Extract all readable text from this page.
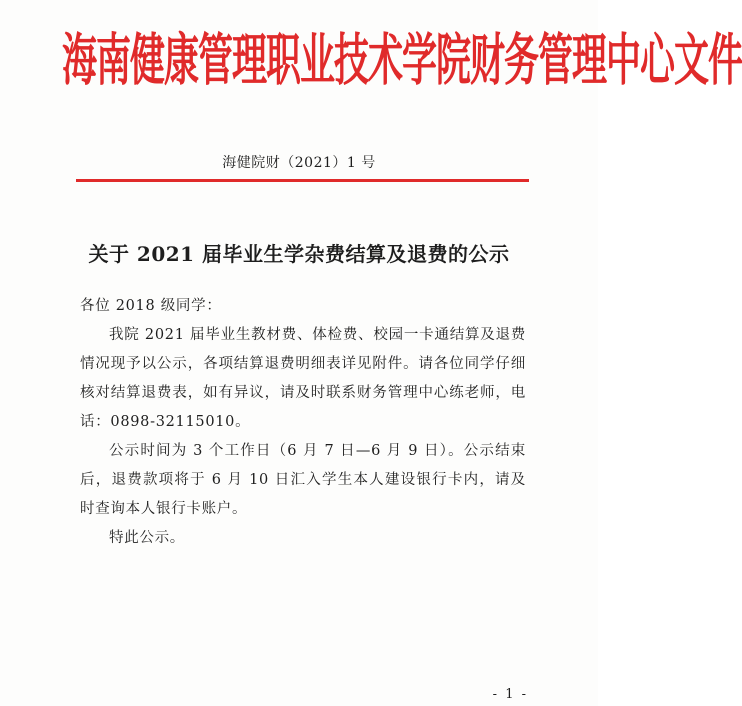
海南健康管理职业技术学院财务管理中心文件
海健院财（2021）1 号
关于 2021 届毕业生学杂费结算及退费的公示

各位 2018 级同学：

我院 2021 届毕业生教材费、体检费、校园一卡通结算及退费情况现予以公示，各项结算退费明细表详见附件。请各位同学仔细核对结算退费表，如有异议，请及时联系财务管理中心练老师，电话：0898-32115010。

公示时间为 3 个工作日（6 月 7 日—6 月 9 日）。公示结束后，退费款项将于 6 月 10 日汇入学生本人建设银行卡内，请及时查询本人银行卡账户。

特此公示。

- 1 -
